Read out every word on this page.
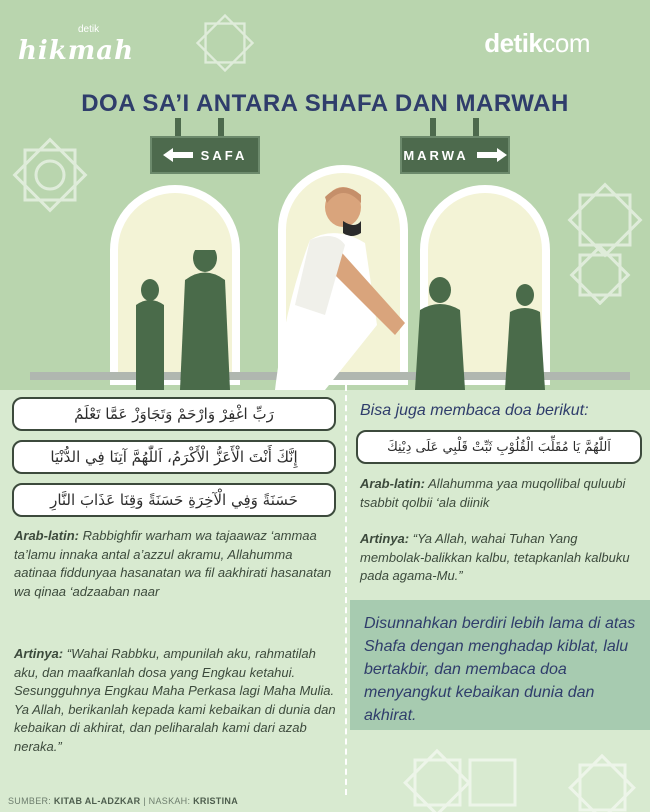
detik
hikmah	detikcom
DOA SA’I ANTARA SHAFA DAN MARWAH
SAFA	MARWA
رَبِّ اغْفِرْ وَارْحَمْ وَتَجَاوَزْ عَمَّا تَعْلَمُ
إِنَّكَ أَنْتَ الْأَعَزُّ الْأَكْرَمُ، اَللّٰهُمَّ آتِنَا فِي الدُّنْيَا
حَسَنَةً وَفِي الْآخِرَةِ حَسَنَةً وَقِنَا عَذَابَ النَّارِ
Arab-latin: Rabbighfir warham wa tajaawaz ‘ammaa ta’lamu innaka antal a’azzul akramu, Allahumma aatinaa fiddunyaa hasanatan wa fil aakhirati hasanatan wa qinaa ‘adzaaban naar
Artinya: “Wahai Rabbku, ampunilah aku, rahmatilah aku, dan maafkanlah dosa yang Engkau ketahui. Sesungguhnya Engkau Maha Perkasa lagi Maha Mulia. Ya Allah, berikanlah kepada kami kebaikan di dunia dan kebaikan di akhirat, dan peliharalah kami dari azab neraka.”
Bisa juga membaca doa berikut:
اَللّٰهُمَّ يَا مُقَلِّبَ الْقُلُوْبِ ثَبِّتْ قَلْبِي عَلَى دِيْنِكَ
Arab-latin: Allahumma yaa muqollibal quluubi tsabbit qolbii ‘ala diinik
Artinya: “Ya Allah, wahai Tuhan Yang membolak-balikkan kalbu, tetapkanlah kalbuku pada agama-Mu.”
Disunnahkan berdiri lebih lama di atas Shafa dengan menghadap kiblat, lalu bertakbir, dan membaca doa menyangkut kebaikan dunia dan akhirat.
SUMBER: KITAB AL-ADZKAR | NASKAH: KRISTINA
